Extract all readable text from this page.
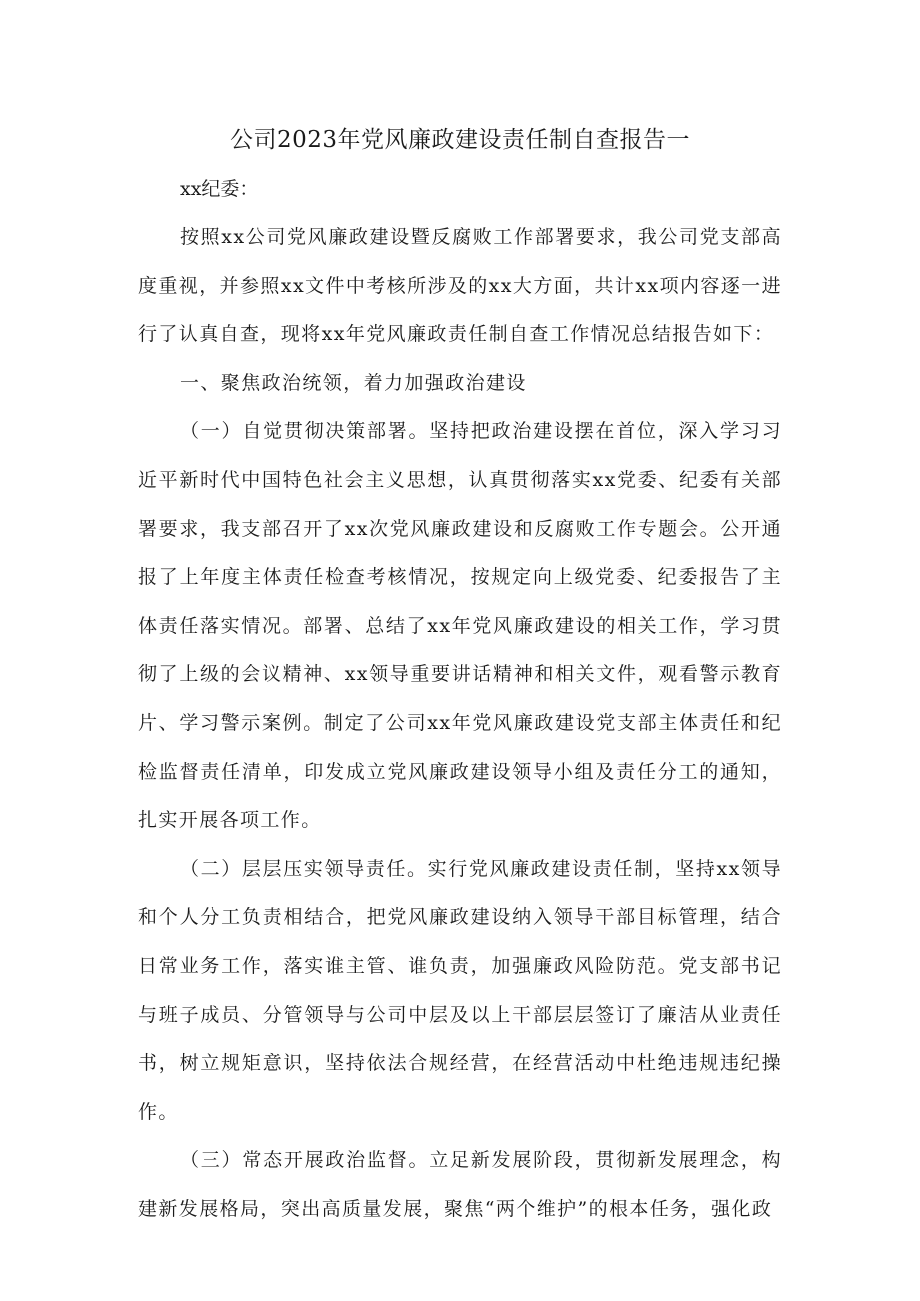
公司2023年党风廉政建设责任制自查报告一

xx纪委：

按照xx公司党风廉政建设暨反腐败工作部署要求，我公司党支部高度重视，并参照xx文件中考核所涉及的xx大方面，共计xx项内容逐一进行了认真自查，现将xx年党风廉政责任制自查工作情况总结报告如下：

一、聚焦政治统领，着力加强政治建设

（一）自觉贯彻决策部署。坚持把政治建设摆在首位，深入学习习近平新时代中国特色社会主义思想，认真贯彻落实xx党委、纪委有关部署要求，我支部召开了xx次党风廉政建设和反腐败工作专题会。公开通报了上年度主体责任检查考核情况，按规定向上级党委、纪委报告了主体责任落实情况。部署、总结了xx年党风廉政建设的相关工作，学习贯彻了上级的会议精神、xx领导重要讲话精神和相关文件，观看警示教育片、学习警示案例。制定了公司xx年党风廉政建设党支部主体责任和纪检监督责任清单，印发成立党风廉政建设领导小组及责任分工的通知，扎实开展各项工作。

（二）层层压实领导责任。实行党风廉政建设责任制，坚持xx领导和个人分工负责相结合，把党风廉政建设纳入领导干部目标管理，结合日常业务工作，落实谁主管、谁负责，加强廉政风险防范。党支部书记与班子成员、分管领导与公司中层及以上干部层层签订了廉洁从业责任书，树立规矩意识，坚持依法合规经营，在经营活动中杜绝违规违纪操作。

（三）常态开展政治监督。立足新发展阶段，贯彻新发展理念，构建新发展格局，突出高质量发展，聚焦“两个维护”的根本任务，强化政
